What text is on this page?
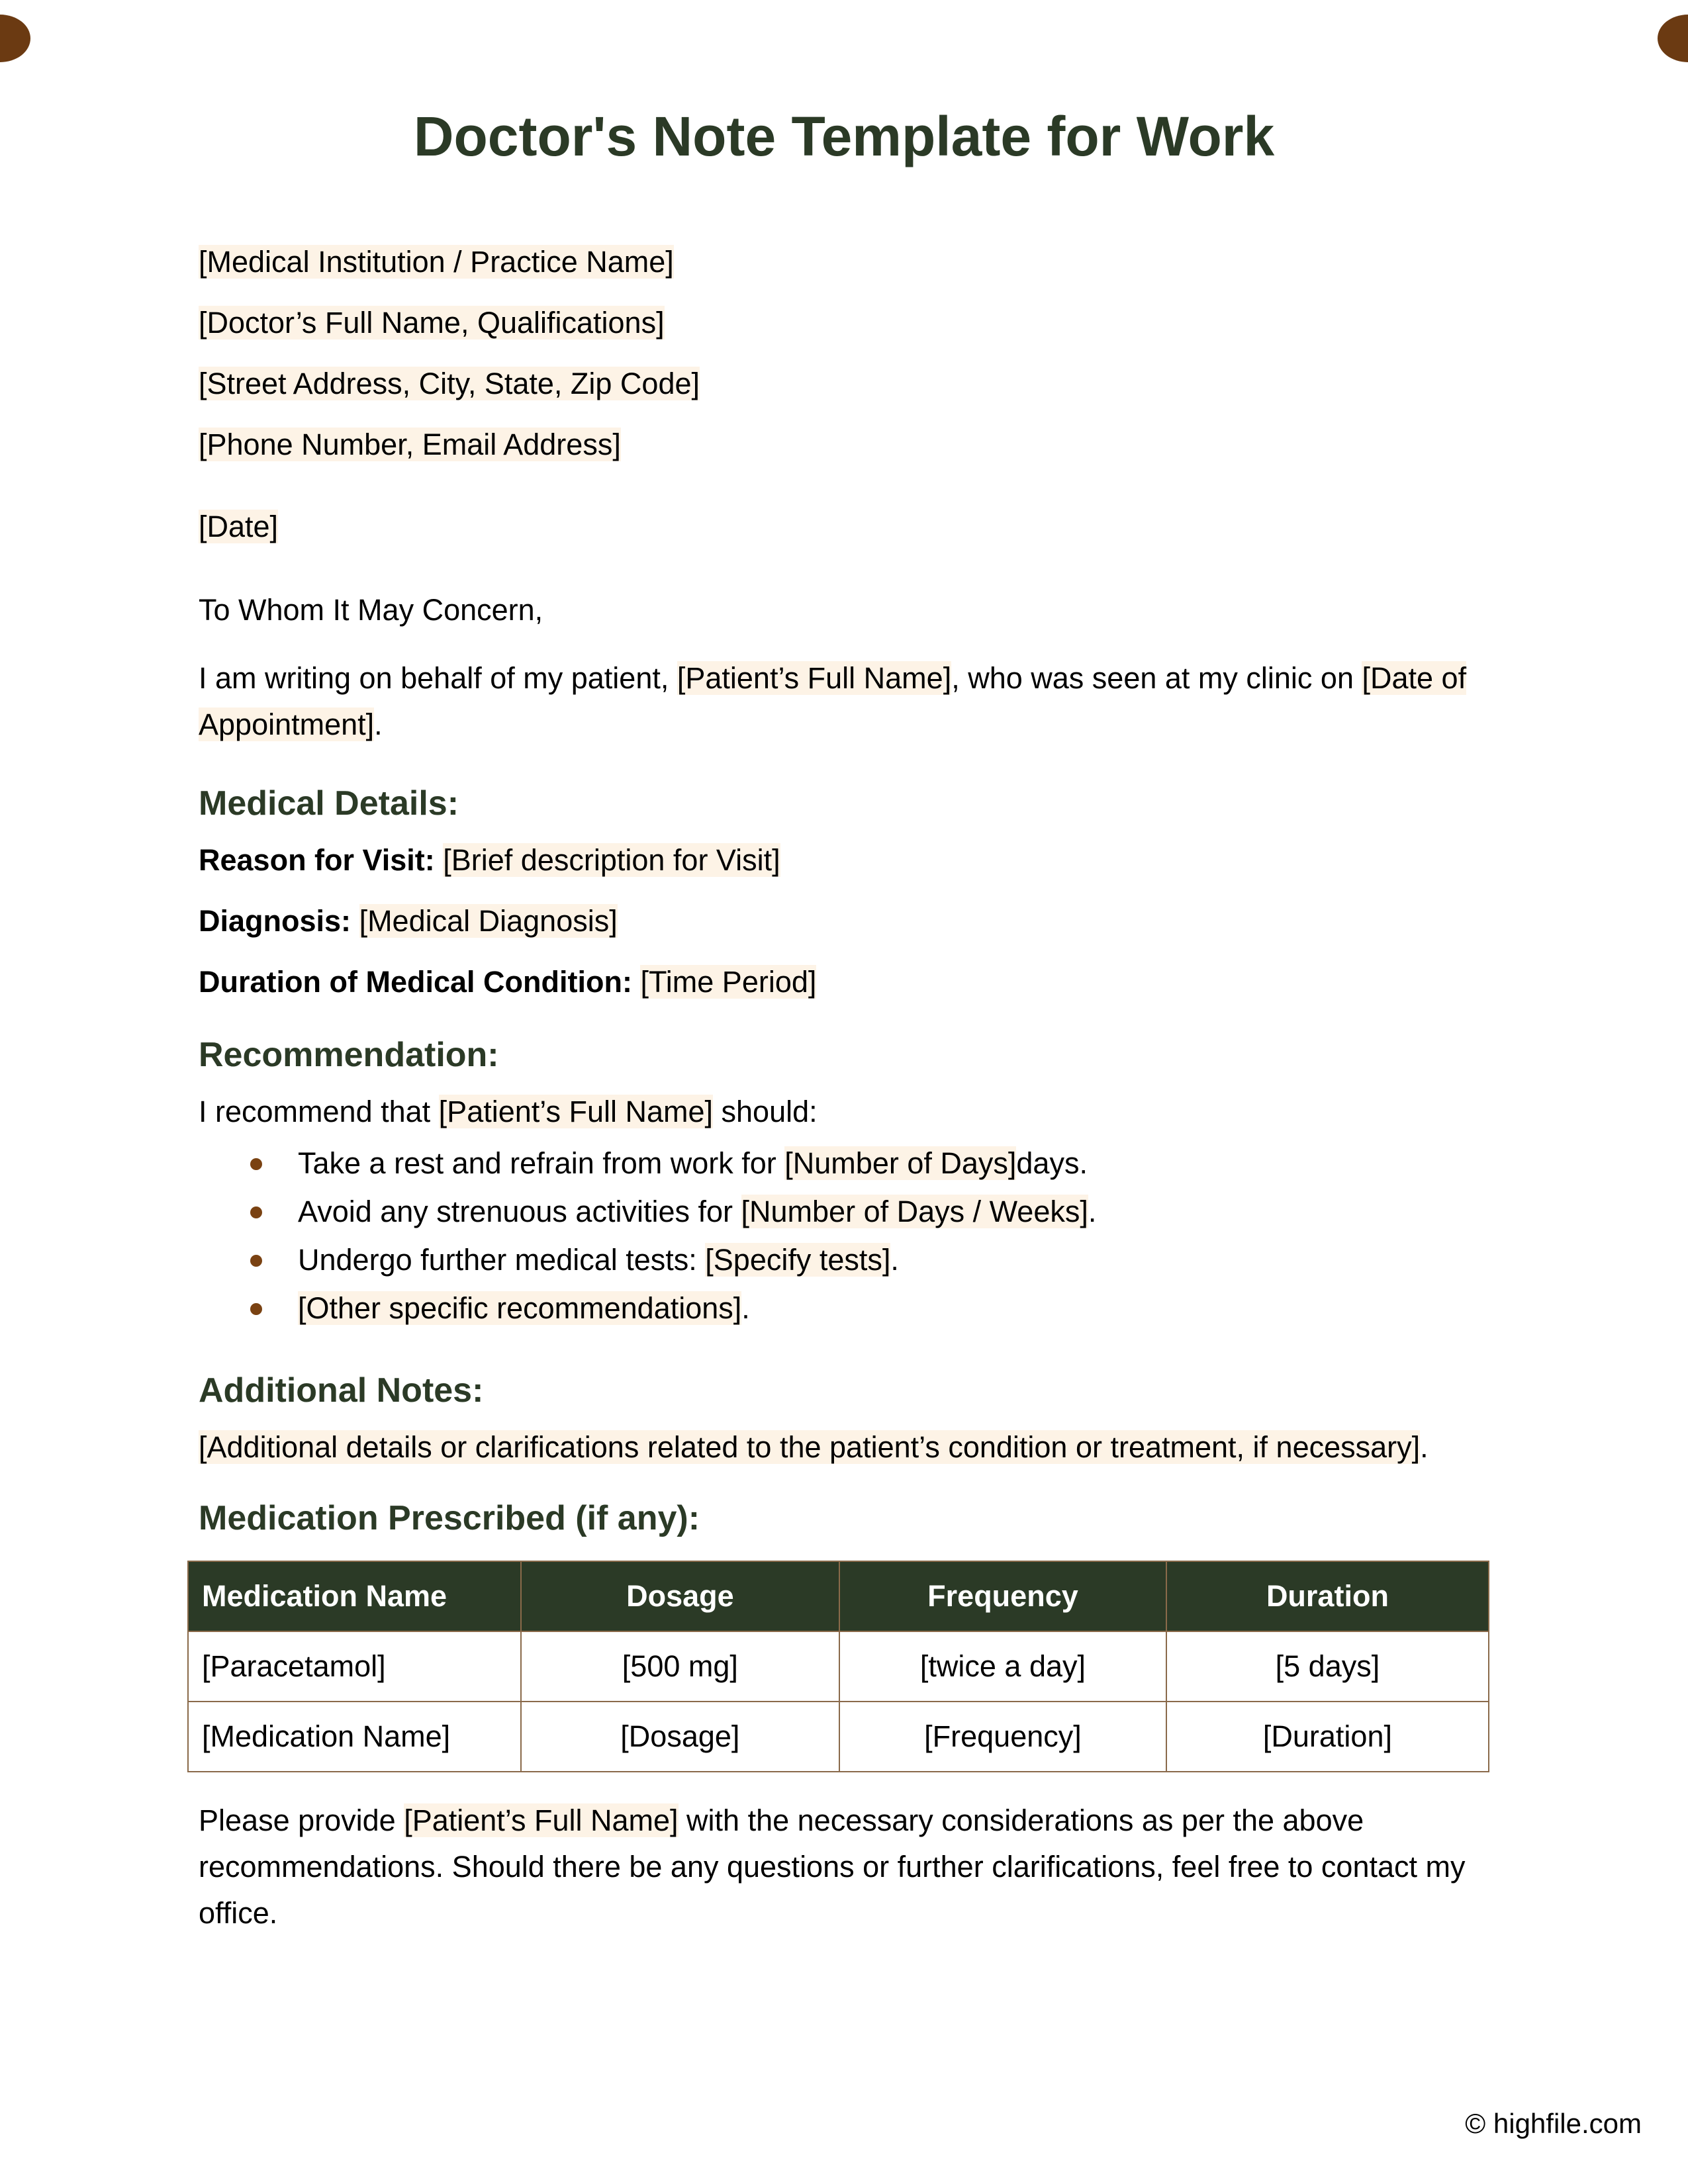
Doctor's Note Template for Work
[Medical Institution / Practice Name]
[Doctor’s Full Name, Qualifications]
[Street Address, City, State, Zip Code]
[Phone Number, Email Address]
[Date]
To Whom It May Concern,
I am writing on behalf of my patient, [Patient’s Full Name], who was seen at my clinic on [Date of Appointment].
Medical Details:
Reason for Visit: [Brief description for Visit]
Diagnosis: [Medical Diagnosis]
Duration of Medical Condition: [Time Period]
Recommendation:
I recommend that [Patient’s Full Name] should:
Take a rest and refrain from work for [Number of Days]days.
Avoid any strenuous activities for [Number of Days / Weeks].
Undergo further medical tests: [Specify tests].
[Other specific recommendations].
Additional Notes:
[Additional details or clarifications related to the patient’s condition or treatment, if necessary].
Medication Prescribed (if any):
Please provide [Patient’s Full Name] with the necessary considerations as per the above recommendations. Should there be any questions or further clarifications, feel free to contact my office.
Medication Name	Dosage	Frequency	Duration
[Paracetamol]	[500 mg]	[twice a day]	[5 days]
[Medication Name]	[Dosage]	[Frequency]	[Duration]
© highfile.com
